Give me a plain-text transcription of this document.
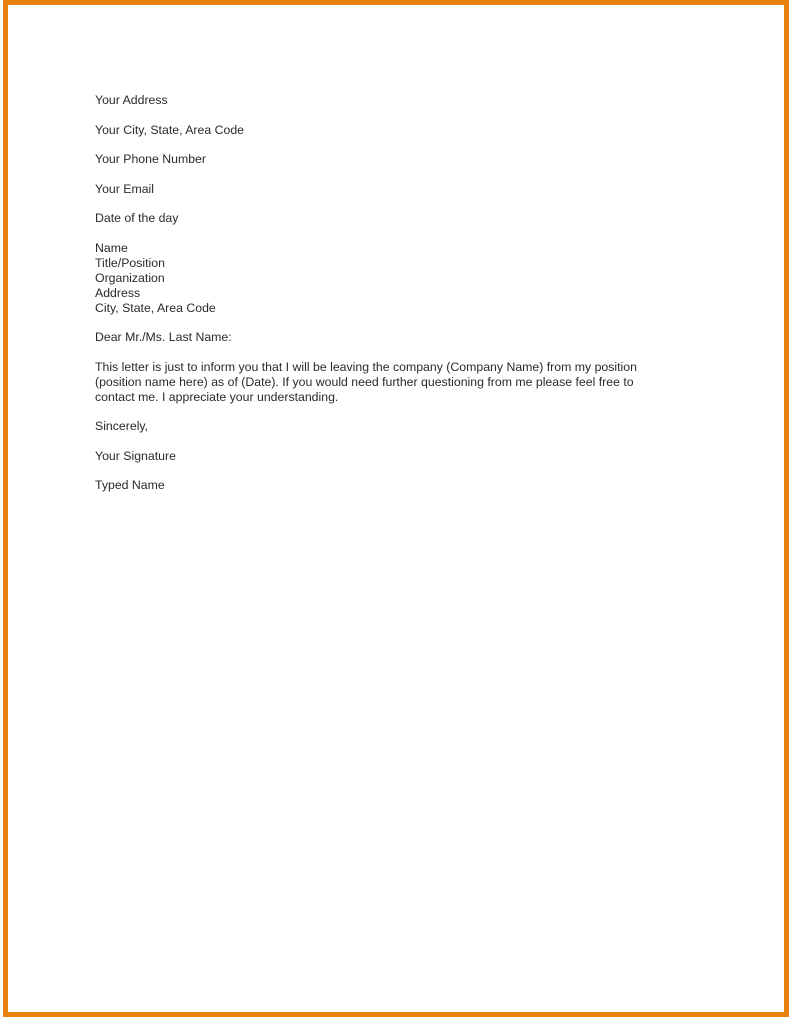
Your Address

Your City, State, Area Code

Your Phone Number

Your Email

Date of the day

Name
Title/Position
Organization
Address
City, State, Area Code

Dear Mr./Ms. Last Name:

This letter is just to inform you that I will be leaving the company (Company Name) from my position (position name here) as of (Date). If you would need further questioning from me please feel free to contact me. I appreciate your understanding.

Sincerely,

Your Signature

Typed Name
